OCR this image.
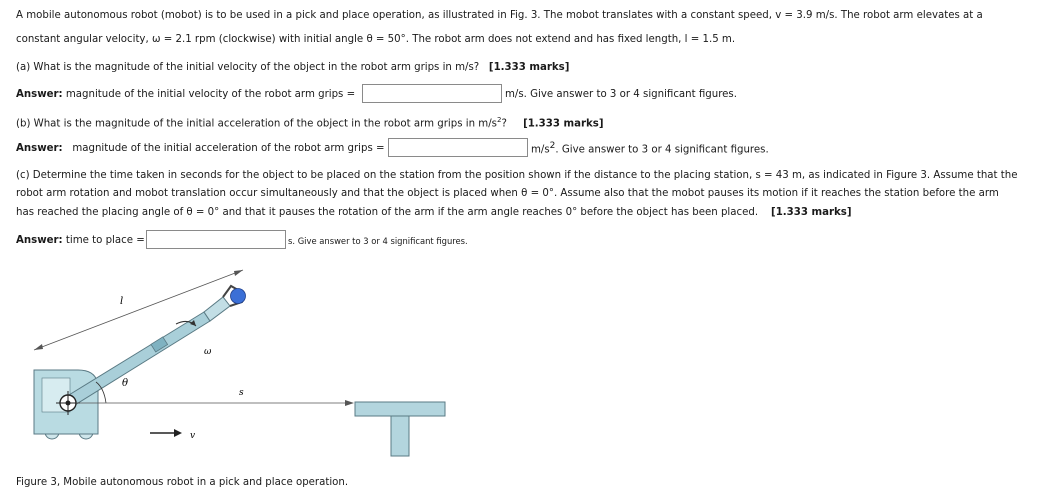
A mobile autonomous robot (mobot) is to be used in a pick and place operation, as illustrated in Fig. 3. The mobot translates with a constant speed, v = 3.9 m/s. The robot arm elevates at a
constant angular velocity, ω = 2.1 rpm (clockwise) with initial angle θ = 50°. The robot arm does not extend and has fixed length, l = 1.5 m.
(a) What is the magnitude of the initial velocity of the object in the robot arm grips in m/s? [1.333 marks]
Answer: magnitude of the initial velocity of the robot arm grips =	m/s. Give answer to 3 or 4 significant figures.
(b) What is the magnitude of the initial acceleration of the object in the robot arm grips in $m/s^2$? [1.333 marks]
Answer: magnitude of the initial acceleration of the robot arm grips =	$m/s^2$. Give answer to 3 or 4 significant figures.
(c) Determine the time taken in seconds for the object to be placed on the station from the position shown if the distance to the placing station, s = 43 m, as indicated in Figure 3. Assume that the
robot arm rotation and mobot translation occur simultaneously and that the object is placed when θ = 0°. Assume also that the mobot pauses its motion if it reaches the station before the arm
has reached the placing angle of θ = 0° and that it pauses the rotation of the arm if the arm angle reaches 0° before the object has been placed. [1.333 marks]
Answer: time to place =	s. Give answer to 3 or 4 significant figures.
l
ω
θ
s
v
Figure 3, Mobile autonomous robot in a pick and place operation.
